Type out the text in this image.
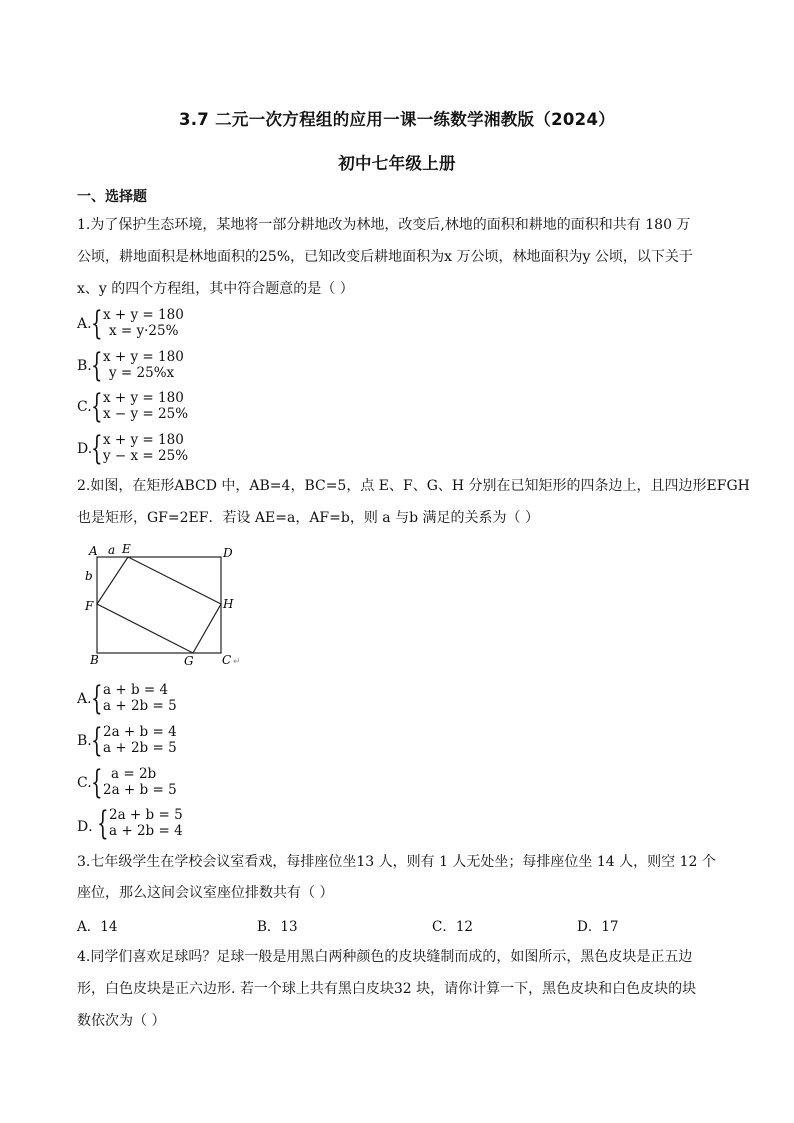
3.7 二元一次方程组的应用一课一练数学湘教版（2024）
初中七年级上册
一、选择题
1.为了保护生态环境，某地将一部分耕地改为林地，改变后,林地的面积和耕地的面积和共有 180 万
公顷，耕地面积是林地面积的25%，已知改变后耕地面积为x 万公顷，林地面积为y 公顷，以下关于
x、y 的四个方程组，其中符合题意的是（ ）
A. { x + y = 180
x = y·25%
B. { x + y = 180
y = 25%x
C. { x + y = 180
x − y = 25%
D.
{ x + y = 180
y − x = 25%
2.如图，在矩形ABCD 中，AB=4，BC=5，点 E、F、G、H 分别在已知矩形的四条边上，且四边形EFGH
也是矩形，GF=2EF．若设 AE=a，AF=b，则 a 与b 满足的关系为（ ）
A a E	D
b
F	H
B	G C ↵
A. { a + b = 4
a + 2b = 5
B. { 2a + b = 4
a + 2b = 5
C. { a = 2b
2a + b = 5
D．
{ 2a + b = 5
a + 2b = 4
3.七年级学生在学校会议室看戏，每排座位坐13 人，则有 1 人无处坐；每排座位坐 14 人，则空 12 个
座位，那么这间会议室座位排数共有（ ）
A．14	B．13	C．12	D．17
4.同学们喜欢足球吗？足球一般是用黑白两种颜色的皮块缝制而成的，如图所示，黑色皮块是正五边
形，白色皮块是正六边形. 若一个球上共有黑白皮块32 块，请你计算一下，黑色皮块和白色皮块的块
数依次为（ ）
